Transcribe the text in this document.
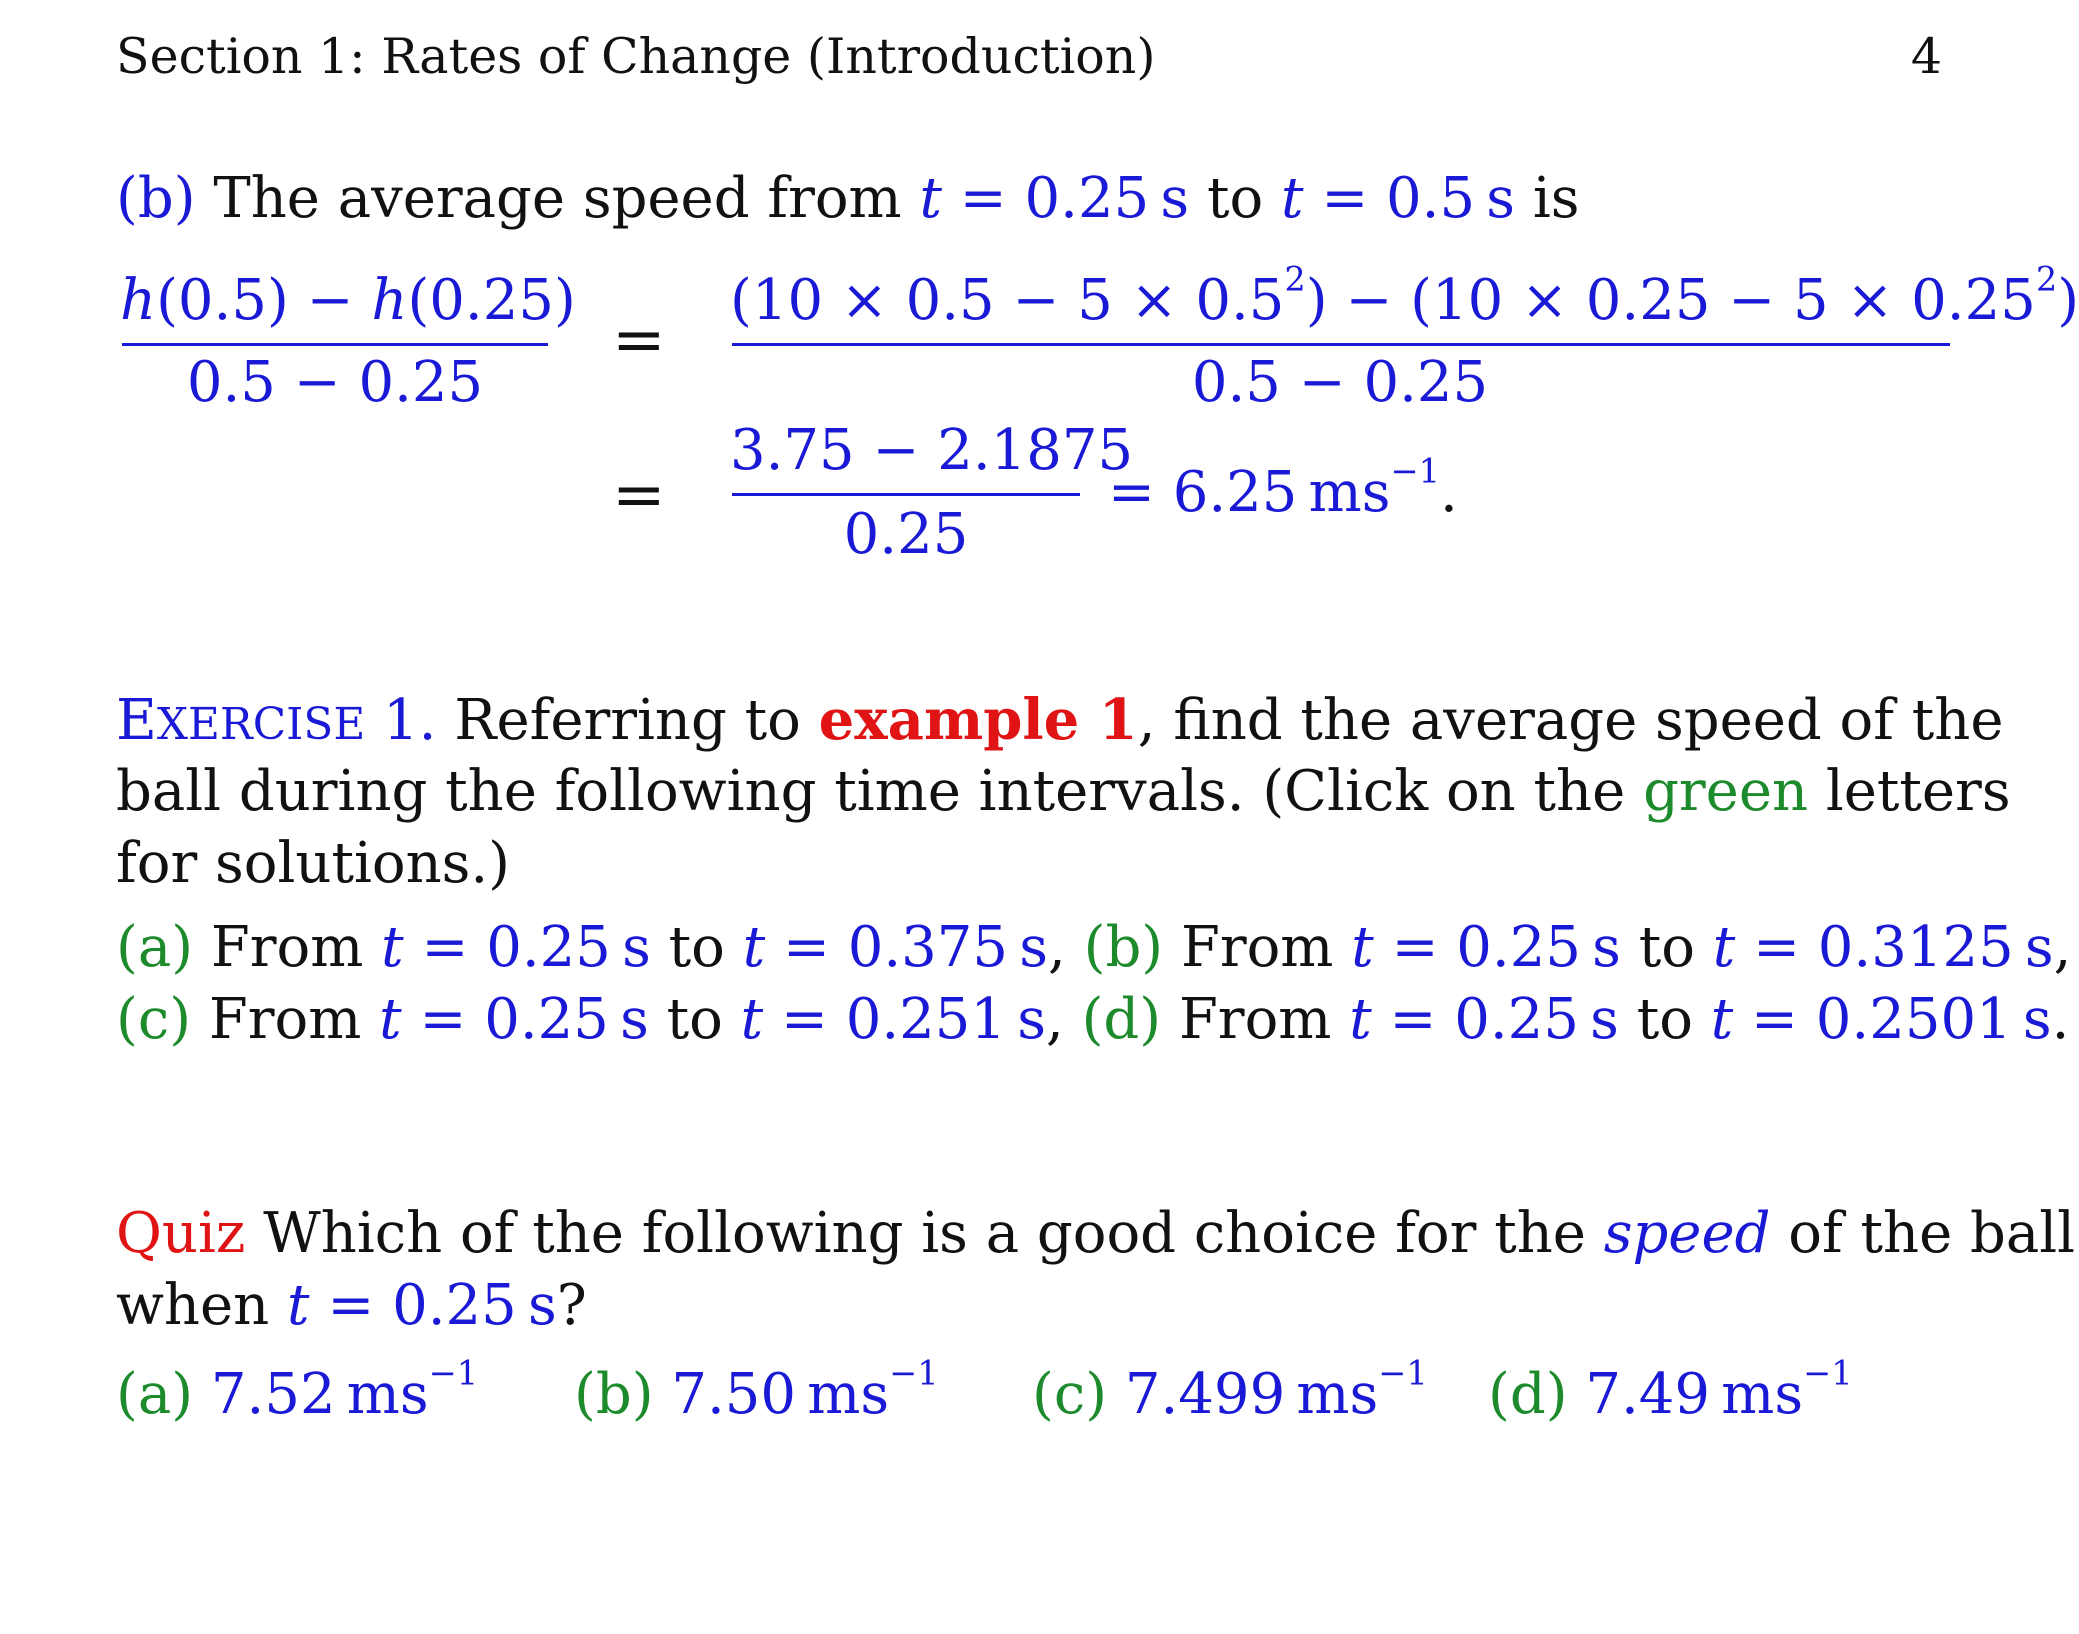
Section 1: Rates of Change (Introduction)	4
(b) The average speed from t = 0.25  s to t = 0.5  s is
h(0.5) − h(0.25)
0.5 − 0.25
=
$(10 \times 0.5 - 5 \times 0.5^2) - (10 \times 0.25 - 5 \times 0.25^2)$
0.5 − 0.25
=
3.75 − 2.1875
0.25
= 6.25  $ms^{-1}$.
EXERCISE 1. Referring to example 1, find the average speed of the
ball during the following time intervals. (Click on the green letters
for solutions.)
(a) From t = 0.25 s to t = 0.375 s, (b) From t = 0.25 s to t = 0.3125 s,
(c) From t = 0.25 s to t = 0.251 s, (d) From t = 0.25 s to t = 0.2501 s.
Quiz Which of the following is a good choice for the speed of the ball
when t = 0.25 s?
(a) 7.52  $ms^{-1}$ (b) 7.50  $ms^{-1}$ (c) 7.499  $ms^{-1}$ (d) 7.49  $ms^{-1}$
